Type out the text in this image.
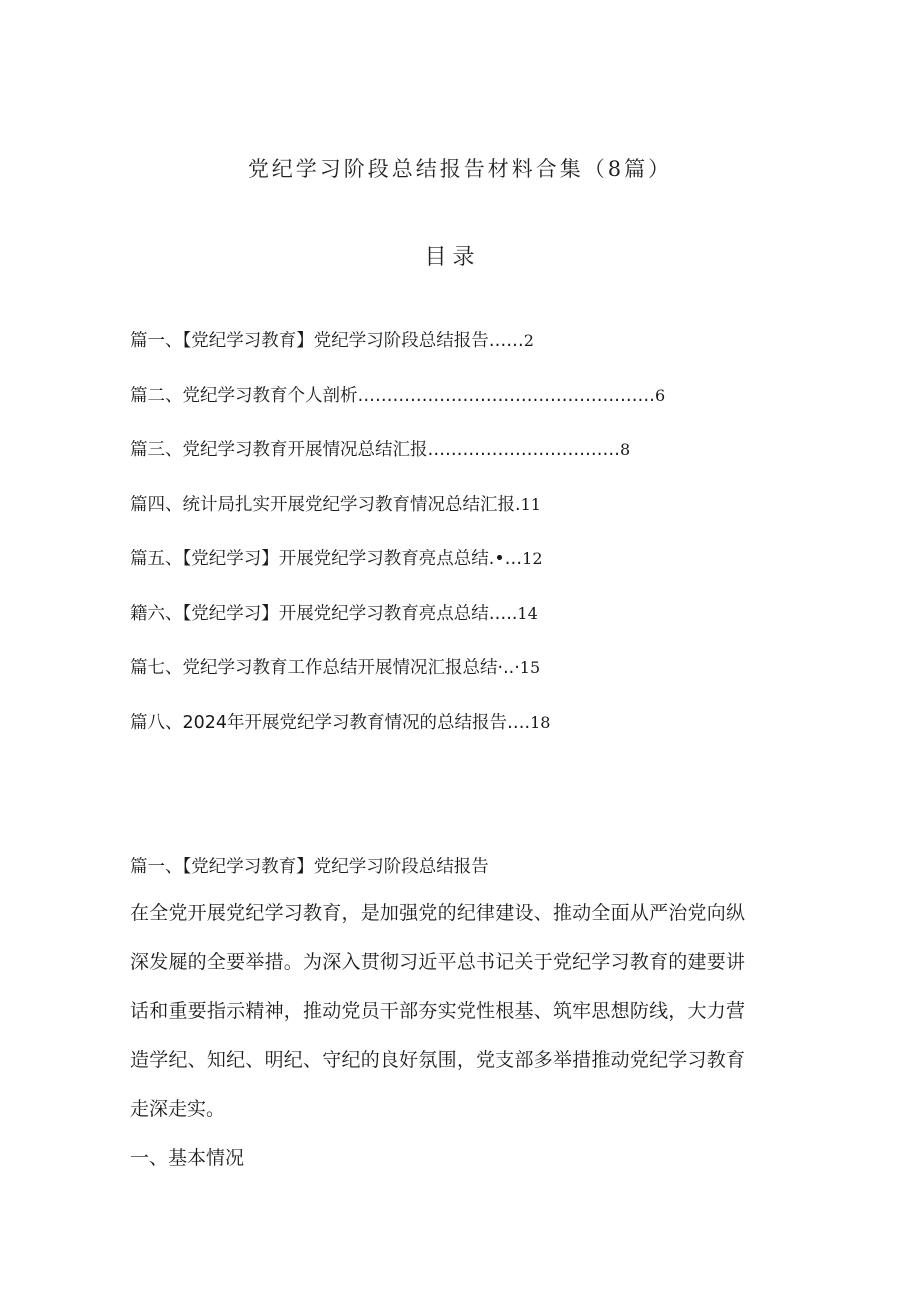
党纪学习阶段总结报告材料合集（8篇）
目录
篇一、【党纪学习教育】党纪学习阶段总结报告 …… 2
篇二、党纪学习教育个人剖析 …………………………………………… 6
篇三、党纪学习教育开展情况总结汇报 …………………………… 8
篇四、统计局扎实开展党纪学习教育情况总结汇报 . 11
篇五、【党纪学习】开展党纪学习教育亮点总结 .•… 12
籍六、【党纪学习】开展党纪学习教育亮点总结 ….. 14
篇七、党纪学习教育工作总结开展情况汇报总结 ·..· 15
篇八、2024年开展党纪学习教育情况的总结报告 …. 18

篇一、【党纪学习教育】党纪学习阶段总结报告

在全党开展党纪学习教育，是加强党的纪律建设、推动全面从严治党向纵深发屣的全要举措。为深入贯彻习近平总书记关于党纪学习教育的建要讲话和重要指示精神，推动党员干部夯实党性根基、筑牢思想防线，大力营造学纪、知纪、明纪、守纪的良好氛围，党支部多举措推动党纪学习教育走深走实。

一、基本情况
